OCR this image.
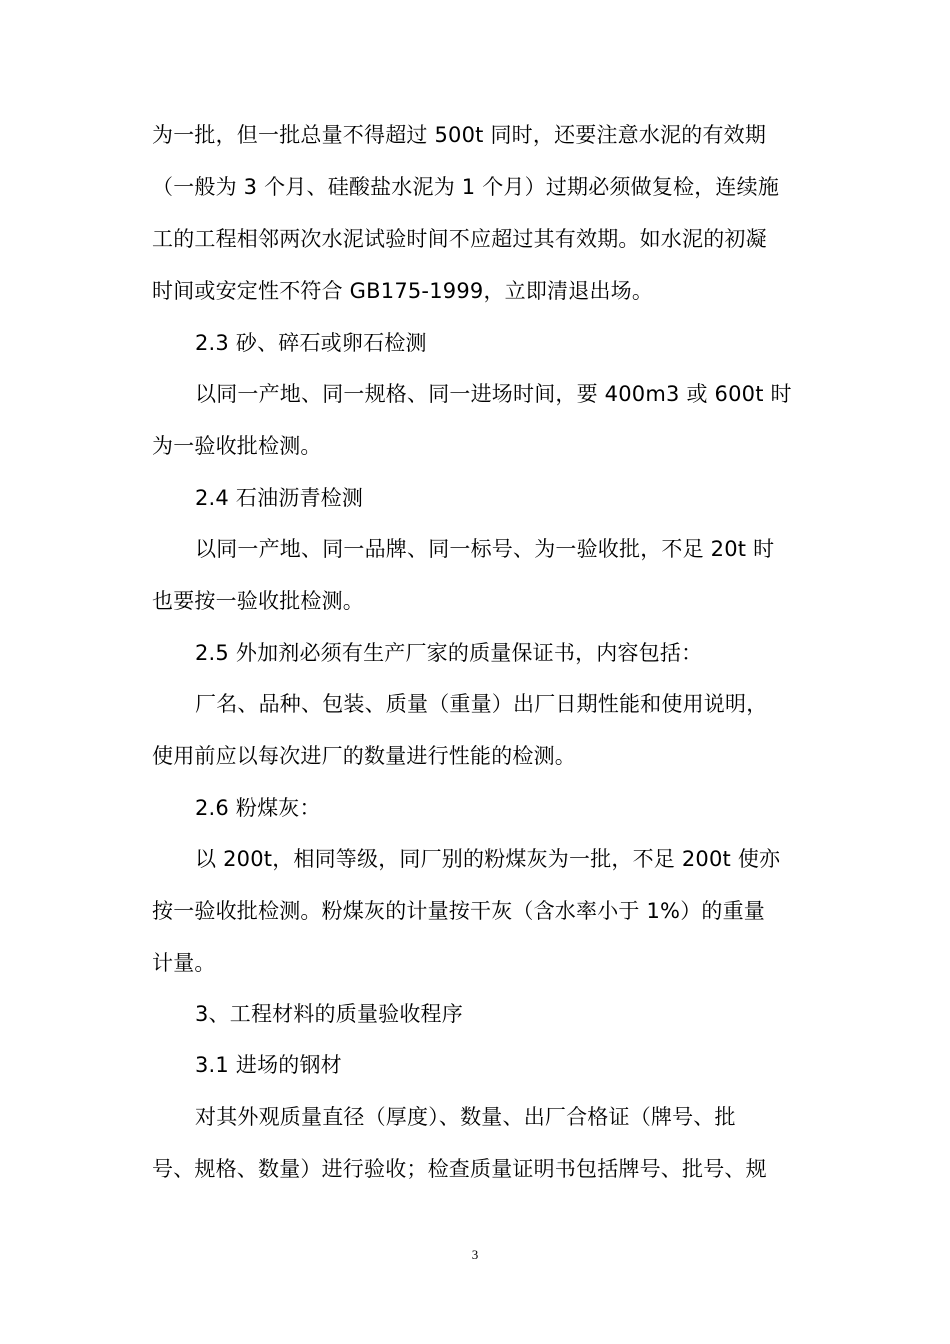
为一批，但一批总量不得超过 500t 同时，还要注意水泥的有效期
（一般为 3 个月、硅酸盐水泥为 1 个月）过期必须做复检，连续施
工的工程相邻两次水泥试验时间不应超过其有效期。如水泥的初凝
时间或安定性不符合 GB175-1999，立即清退出场。
2.3 砂、碎石或卵石检测
以同一产地、同一规格、同一进场时间，要 400m3 或 600t 时
为一验收批检测。
2.4 石油沥青检测
以同一产地、同一品牌、同一标号、为一验收批，不足 20t 时
也要按一验收批检测。
2.5 外加剂必须有生产厂家的质量保证书，内容包括：
厂名、品种、包装、质量（重量）出厂日期性能和使用说明，
使用前应以每次进厂的数量进行性能的检测。
2.6 粉煤灰：
以 200t，相同等级，同厂别的粉煤灰为一批，不足 200t 使亦
按一验收批检测。粉煤灰的计量按干灰（含水率小于 1%）的重量
计量。
3、工程材料的质量验收程序
3.1 进场的钢材
对其外观质量直径（厚度）、数量、出厂合格证（牌号、批
号、规格、数量）进行验收；检查质量证明书包括牌号、批号、规
3
